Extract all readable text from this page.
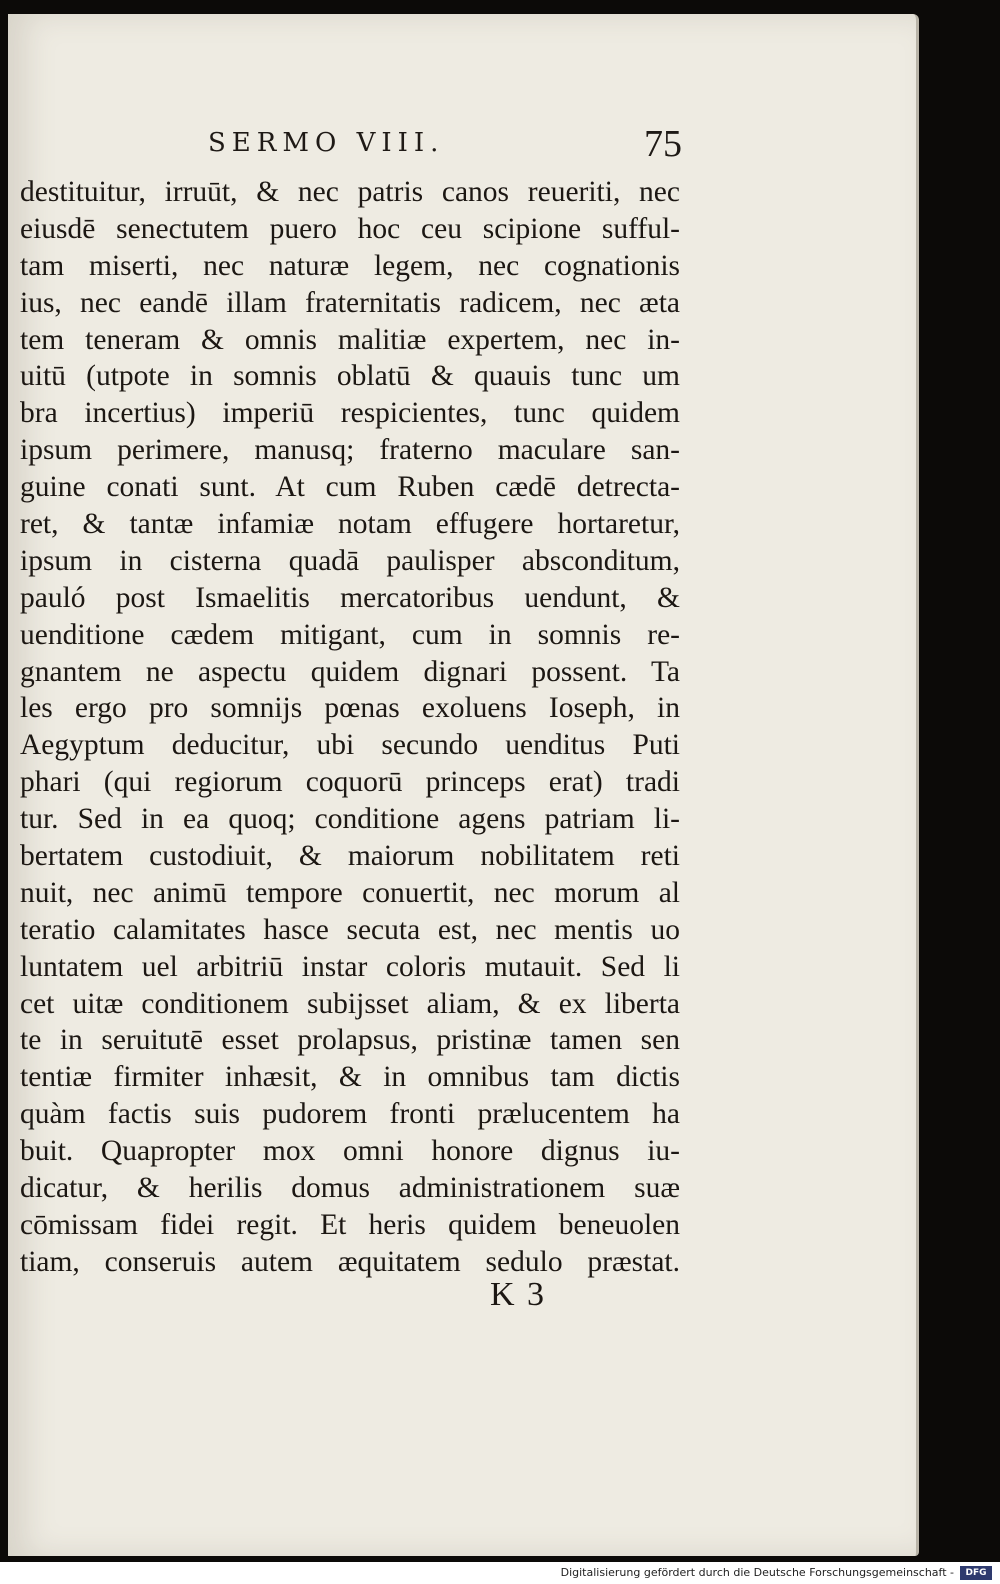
SERMO VIII.	75
destituitur, irruūt, & nec patris canos reueriti, nec
eiusdē senectutem puero hoc ceu scipione sufful-
tam miserti, nec naturæ legem, nec cognationis
ius, nec eandē illam fraternitatis radicem, nec æta
tem teneram & omnis malitiæ expertem, nec in-
uitū (utpote in somnis oblatū & quauis tunc um
bra incertius) imperiū respicientes, tunc quidem
ipsum perimere, manusq; fraterno maculare san-
guine conati sunt. At cum Ruben cædē detrecta-
ret, & tantæ infamiæ notam effugere hortaretur,
ipsum in cisterna quadā paulisper absconditum,
pauló post Ismaelitis mercatoribus uendunt, &
uenditione cædem mitigant, cum in somnis re-
gnantem ne aspectu quidem dignari possent. Ta
les ergo pro somnijs pœnas exoluens Ioseph, in
Aegyptum deducitur, ubi secundo uenditus Puti
phari (qui regiorum coquorū princeps erat) tradi
tur. Sed in ea quoq; conditione agens patriam li-
bertatem custodiuit, & maiorum nobilitatem reti
nuit, nec animū tempore conuertit, nec morum al
teratio calamitates hasce secuta est, nec mentis uo
luntatem uel arbitriū instar coloris mutauit. Sed li
cet uitæ conditionem subijsset aliam, & ex liberta
te in seruitutē esset prolapsus, pristinæ tamen sen
tentiæ firmiter inhæsit, & in omnibus tam dictis
quàm factis suis pudorem fronti prælucentem ha
buit. Quapropter mox omni honore dignus iu-
dicatur, & herilis domus administrationem suæ
cōmissam fidei regit. Et heris quidem beneuolen
tiam, conseruis autem æquitatem sedulo præstat.
K 3
Digitalisierung gefördert durch die Deutsche Forschungsgemeinschaft -	DFG
